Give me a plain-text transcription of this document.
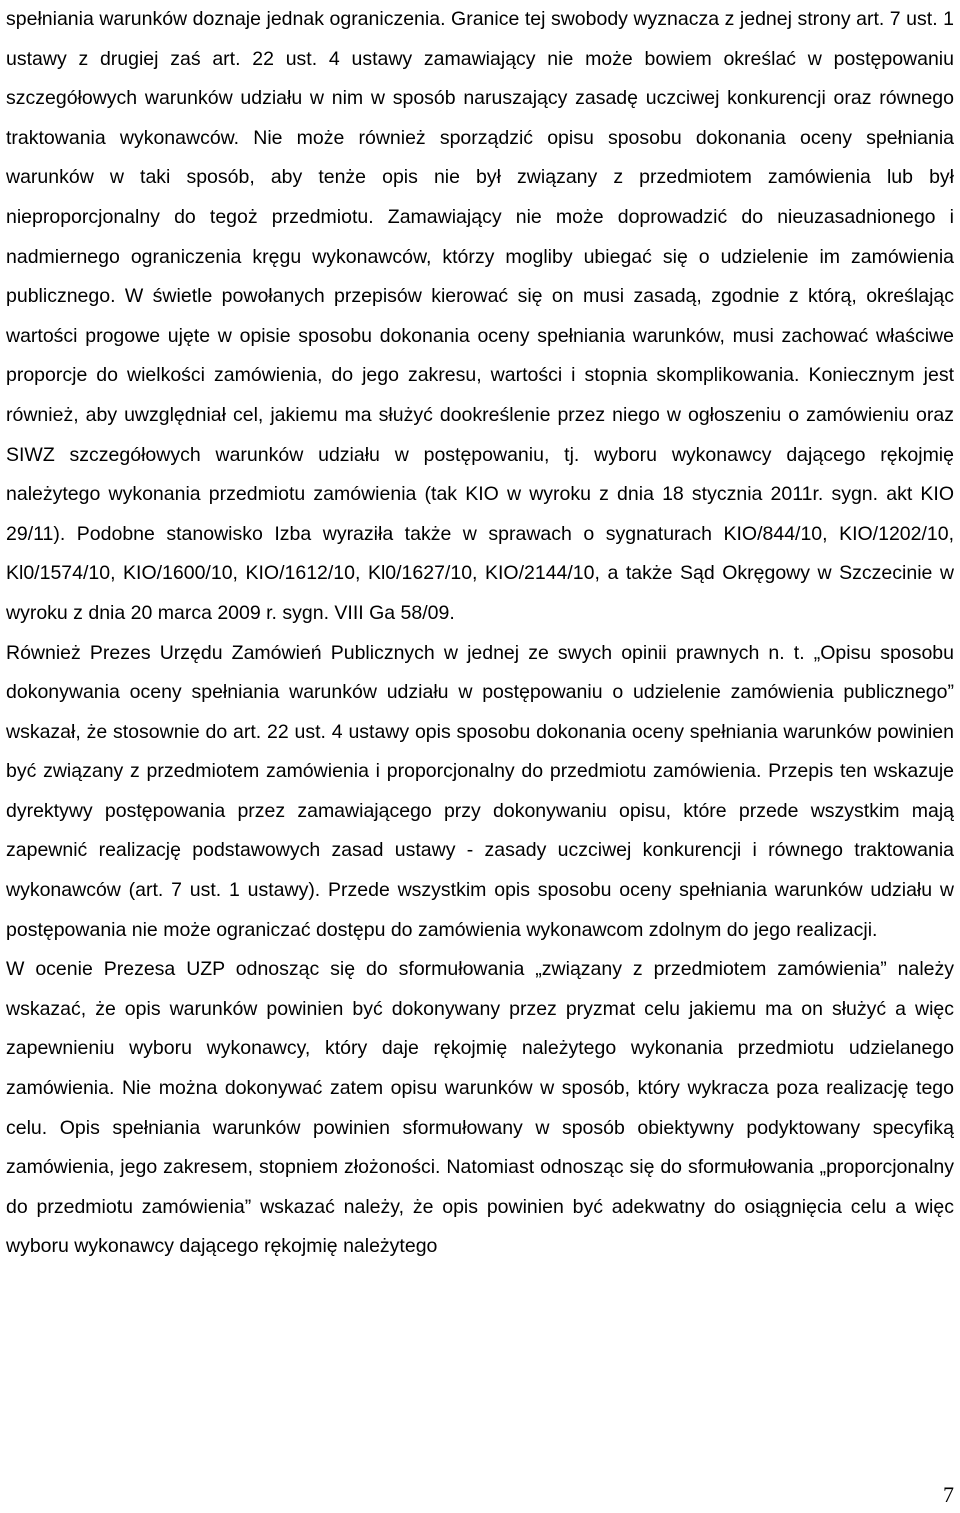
spełniania warunków doznaje jednak ograniczenia. Granice tej swobody wyznacza z jednej strony art. 7 ust. 1 ustawy z drugiej zaś art. 22 ust. 4 ustawy zamawiający nie może bowiem określać w postępowaniu szczegółowych warunków udziału w nim w sposób naruszający zasadę uczciwej konkurencji oraz równego traktowania wykonawców. Nie może również sporządzić opisu sposobu dokonania oceny spełniania warunków w taki sposób, aby tenże opis nie był związany z przedmiotem zamówienia lub był nieproporcjonalny do tegoż przedmiotu. Zamawiający nie może doprowadzić do nieuzasadnionego i nadmiernego ograniczenia kręgu wykonawców, którzy mogliby ubiegać się o udzielenie im zamówienia publicznego. W świetle powołanych przepisów kierować się on musi zasadą, zgodnie z którą, określając wartości progowe ujęte w opisie sposobu dokonania oceny spełniania warunków, musi zachować właściwe proporcje do wielkości zamówienia, do jego zakresu, wartości i stopnia skomplikowania. Koniecznym jest również, aby uwzględniał cel, jakiemu ma służyć dookreślenie przez niego w ogłoszeniu o zamówieniu oraz SIWZ szczegółowych warunków udziału w postępowaniu, tj. wyboru wykonawcy dającego rękojmię należytego wykonania przedmiotu zamówienia (tak KIO w wyroku z dnia 18 stycznia 2011r. sygn. akt KIO 29/11). Podobne stanowisko Izba wyraziła także w sprawach o sygnaturach KIO/844/10, KIO/1202/10, Kl0/1574/10, KIO/1600/10, KIO/1612/10, Kl0/1627/10, KIO/2144/10, a także Sąd Okręgowy w Szczecinie w wyroku z dnia 20 marca 2009 r. sygn. VIII Ga 58/09.

Również Prezes Urzędu Zamówień Publicznych w jednej ze swych opinii prawnych n. t. „Opisu sposobu dokonywania oceny spełniania warunków udziału w postępowaniu o udzielenie zamówienia publicznego” wskazał, że stosownie do art. 22 ust. 4 ustawy opis sposobu dokonania oceny spełniania warunków powinien być związany z przedmiotem zamówienia i proporcjonalny do przedmiotu zamówienia. Przepis ten wskazuje dyrektywy postępowania przez zamawiającego przy dokonywaniu opisu, które przede wszystkim mają zapewnić realizację podstawowych zasad ustawy - zasady uczciwej konkurencji i równego traktowania wykonawców (art. 7 ust. 1 ustawy). Przede wszystkim opis sposobu oceny spełniania warunków udziału w postępowania nie może ograniczać dostępu do zamówienia wykonawcom zdolnym do jego realizacji.

W ocenie Prezesa UZP odnosząc się do sformułowania „związany z przedmiotem zamówienia” należy wskazać, że opis warunków powinien być dokonywany przez pryzmat celu jakiemu ma on służyć a więc zapewnieniu wyboru wykonawcy, który daje rękojmię należytego wykonania przedmiotu udzielanego zamówienia. Nie można dokonywać zatem opisu warunków w sposób, który wykracza poza realizację tego celu. Opis spełniania warunków powinien sformułowany w sposób obiektywny podyktowany specyfiką zamówienia, jego zakresem, stopniem złożoności. Natomiast odnosząc się do sformułowania „proporcjonalny do przedmiotu zamówienia” wskazać należy, że opis powinien być adekwatny do osiągnięcia celu a więc wyboru wykonawcy dającego rękojmię należytego

7
